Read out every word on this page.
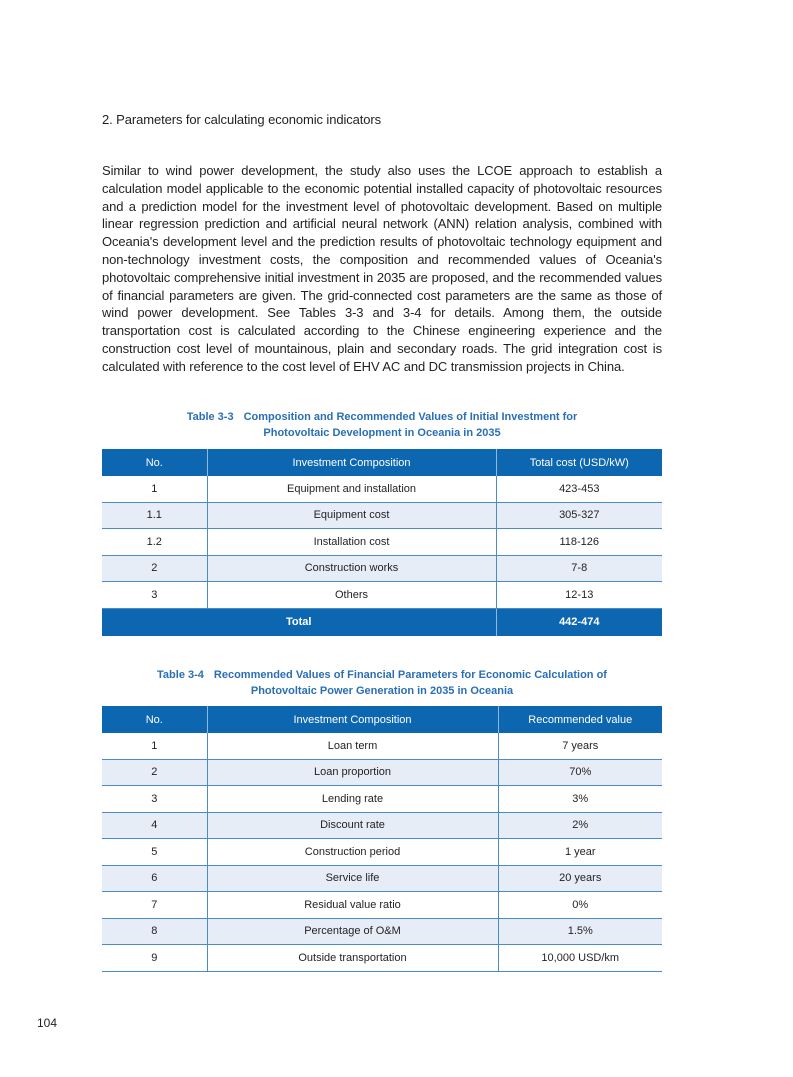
2. Parameters for calculating economic indicators

Similar to wind power development, the study also uses the LCOE approach to establish a calculation model applicable to the economic potential installed capacity of photovoltaic resources and a prediction model for the investment level of photovoltaic development. Based on multiple linear regression prediction and artificial neural network (ANN) relation analysis, combined with Oceania's development level and the prediction results of photovoltaic technology equipment and non-technology investment costs, the composition and recommended values of Oceania's photovoltaic comprehensive initial investment in 2035 are proposed, and the recommended values of financial parameters are given. The grid-connected cost parameters are the same as those of wind power development. See Tables 3-3 and 3-4 for details. Among them, the outside transportation cost is calculated according to the Chinese engineering experience and the construction cost level of mountainous, plain and secondary roads. The grid integration cost is calculated with reference to the cost level of EHV AC and DC transmission projects in China.

Table 3-3 Composition and Recommended Values of Initial Investment for
Photovoltaic Development in Oceania in 2035
No.	Investment Composition	Total cost (USD/kW)
1	Equipment and installation	423-453
1.1	Equipment cost	305-327
1.2	Installation cost	118-126
2	Construction works	7-8
3	Others	12-13
Total		442-474
Table 3-4 Recommended Values of Financial Parameters for Economic Calculation of
Photovoltaic Power Generation in 2035 in Oceania
No.	Investment Composition	Recommended value
1	Loan term	7 years
2	Loan proportion	70%
3	Lending rate	3%
4	Discount rate	2%
5	Construction period	1 year
6	Service life	20 years
7	Residual value ratio	0%
8	Percentage of O&M	1.5%
9	Outside transportation	10,000 USD/km
104
